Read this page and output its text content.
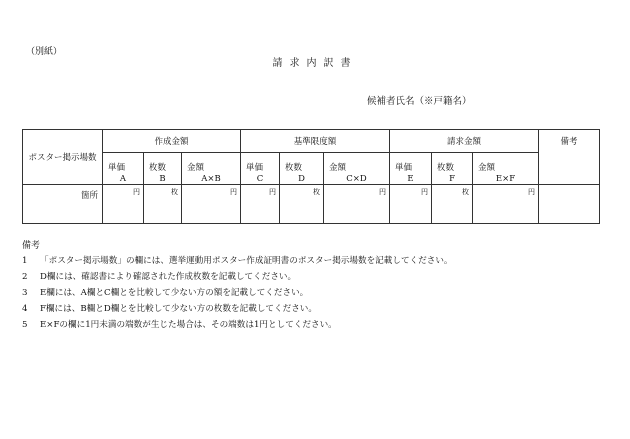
（別紙）
請求内訳書
候補者氏名（※戸籍名）
ポスター掲示場数	作成金額			基準限度額			請求金額			備考
	単価	枚数	金額	単価	枚数	金額	単価	枚数	金額	
	A	B	A×B	C	D	C×D	E	F	E×F	
箇所	円	枚	円	円	枚	円	円	枚	円	

備考
1 「ポスター掲示場数」の欄には、選挙運動用ポスター作成証明書のポスター掲示場数を記載してください。
2 D欄には、確認書により確認された作成枚数を記載してください。
3 E欄には、A欄とC欄とを比較して少ない方の額を記載してください。
4 F欄には、B欄とD欄とを比較して少ない方の枚数を記載してください。
5 E×Fの欄に1円未満の端数が生じた場合は、その端数は1円としてください。
